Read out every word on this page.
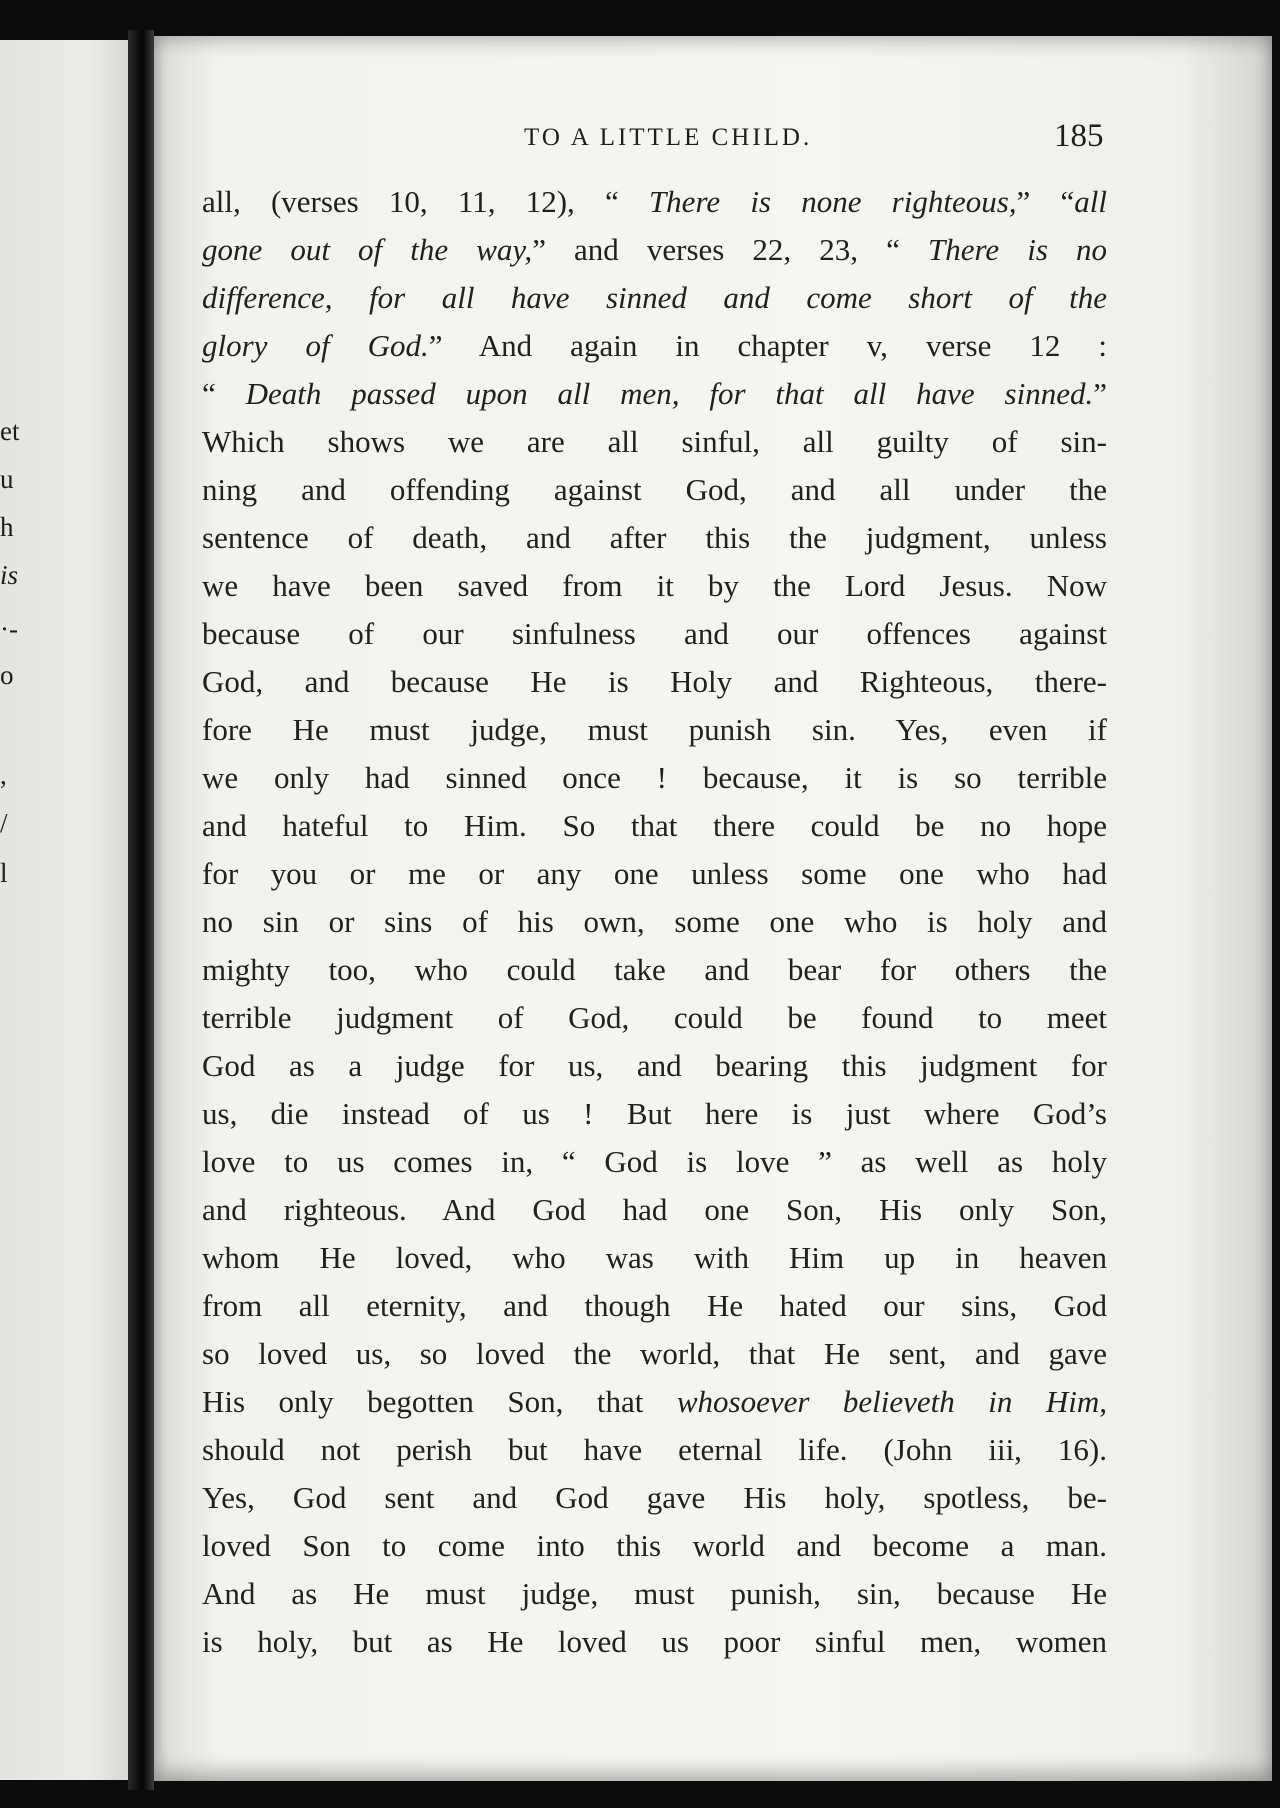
et
u
h
is
·-
o
,
/
l
TO A LITTLE CHILD.	185
all, (verses 10, 11, 12), “ There is none righteous,” “all
gone out of the way,” and verses 22, 23, “ There is no
difference, for all have sinned and come short of the
glory of God.” And again in chapter v, verse 12 :
“ Death passed upon all men, for that all have sinned.”
Which shows we are all sinful, all guilty of sin-
ning and offending against God, and all under the
sentence of death, and after this the judgment, unless
we have been saved from it by the Lord Jesus. Now
because of our sinfulness and our offences against
God, and because He is Holy and Righteous, there-
fore He must judge, must punish sin. Yes, even if
we only had sinned once ! because, it is so terrible
and hateful to Him. So that there could be no hope
for you or me or any one unless some one who had
no sin or sins of his own, some one who is holy and
mighty too, who could take and bear for others the
terrible judgment of God, could be found to meet
God as a judge for us, and bearing this judgment for
us, die instead of us ! But here is just where God’s
love to us comes in, “ God is love ” as well as holy
and righteous. And God had one Son, His only Son,
whom He loved, who was with Him up in heaven
from all eternity, and though He hated our sins, God
so loved us, so loved the world, that He sent, and gave
His only begotten Son, that whosoever believeth in Him,
should not perish but have eternal life. (John iii, 16).
Yes, God sent and God gave His holy, spotless, be-
loved Son to come into this world and become a man.
And as He must judge, must punish, sin, because He
is holy, but as He loved us poor sinful men, women
